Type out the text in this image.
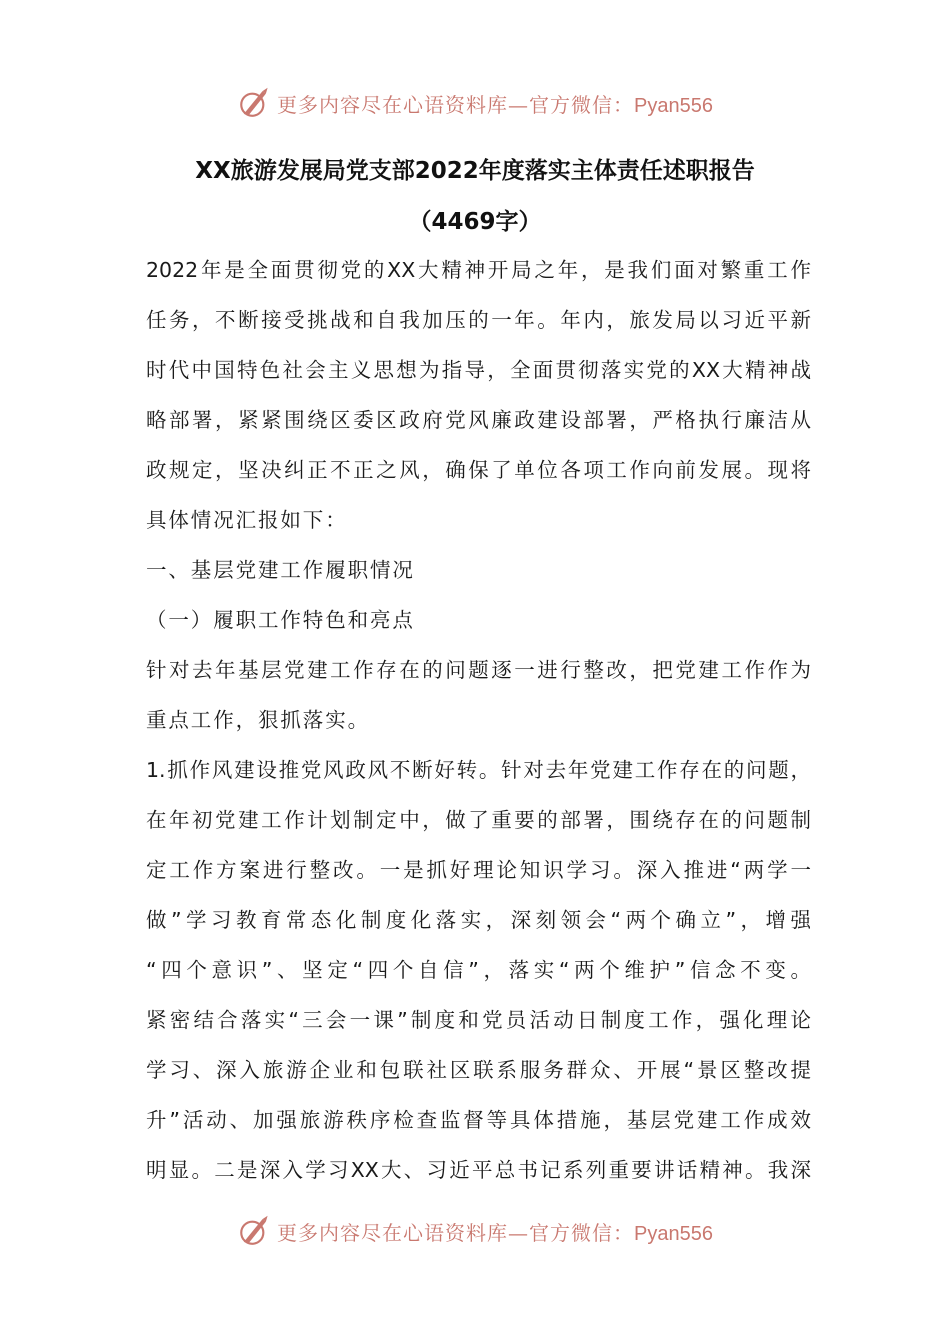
更多内容尽在心语资料库—官方微信：Pyan556
XX旅游发展局党支部2022年度落实主体责任述职报告
（4469字）
2022年是全面贯彻党的XX大精神开局之年，是我们面对繁重工作
任务，不断接受挑战和自我加压的一年。年内，旅发局以习近平新
时代中国特色社会主义思想为指导，全面贯彻落实党的XX大精神战
略部署，紧紧围绕区委区政府党风廉政建设部署，严格执行廉洁从
政规定，坚决纠正不正之风，确保了单位各项工作向前发展。现将
具体情况汇报如下：
一、基层党建工作履职情况
（一）履职工作特色和亮点
针对去年基层党建工作存在的问题逐一进行整改，把党建工作作为
重点工作，狠抓落实。
1.抓作风建设推党风政风不断好转。针对去年党建工作存在的问题，
在年初党建工作计划制定中，做了重要的部署，围绕存在的问题制
定工作方案进行整改。一是抓好理论知识学习。深入推进“两学一
做”学习教育常态化制度化落实，深刻领会“两个确立”，增强
“四个意识”、坚定“四个自信”，落实“两个维护”信念不变。
紧密结合落实“三会一课”制度和党员活动日制度工作，强化理论
学习、深入旅游企业和包联社区联系服务群众、开展“景区整改提
升”活动、加强旅游秩序检查监督等具体措施，基层党建工作成效
明显。二是深入学习XX大、习近平总书记系列重要讲话精神。我深
更多内容尽在心语资料库—官方微信：Pyan556
